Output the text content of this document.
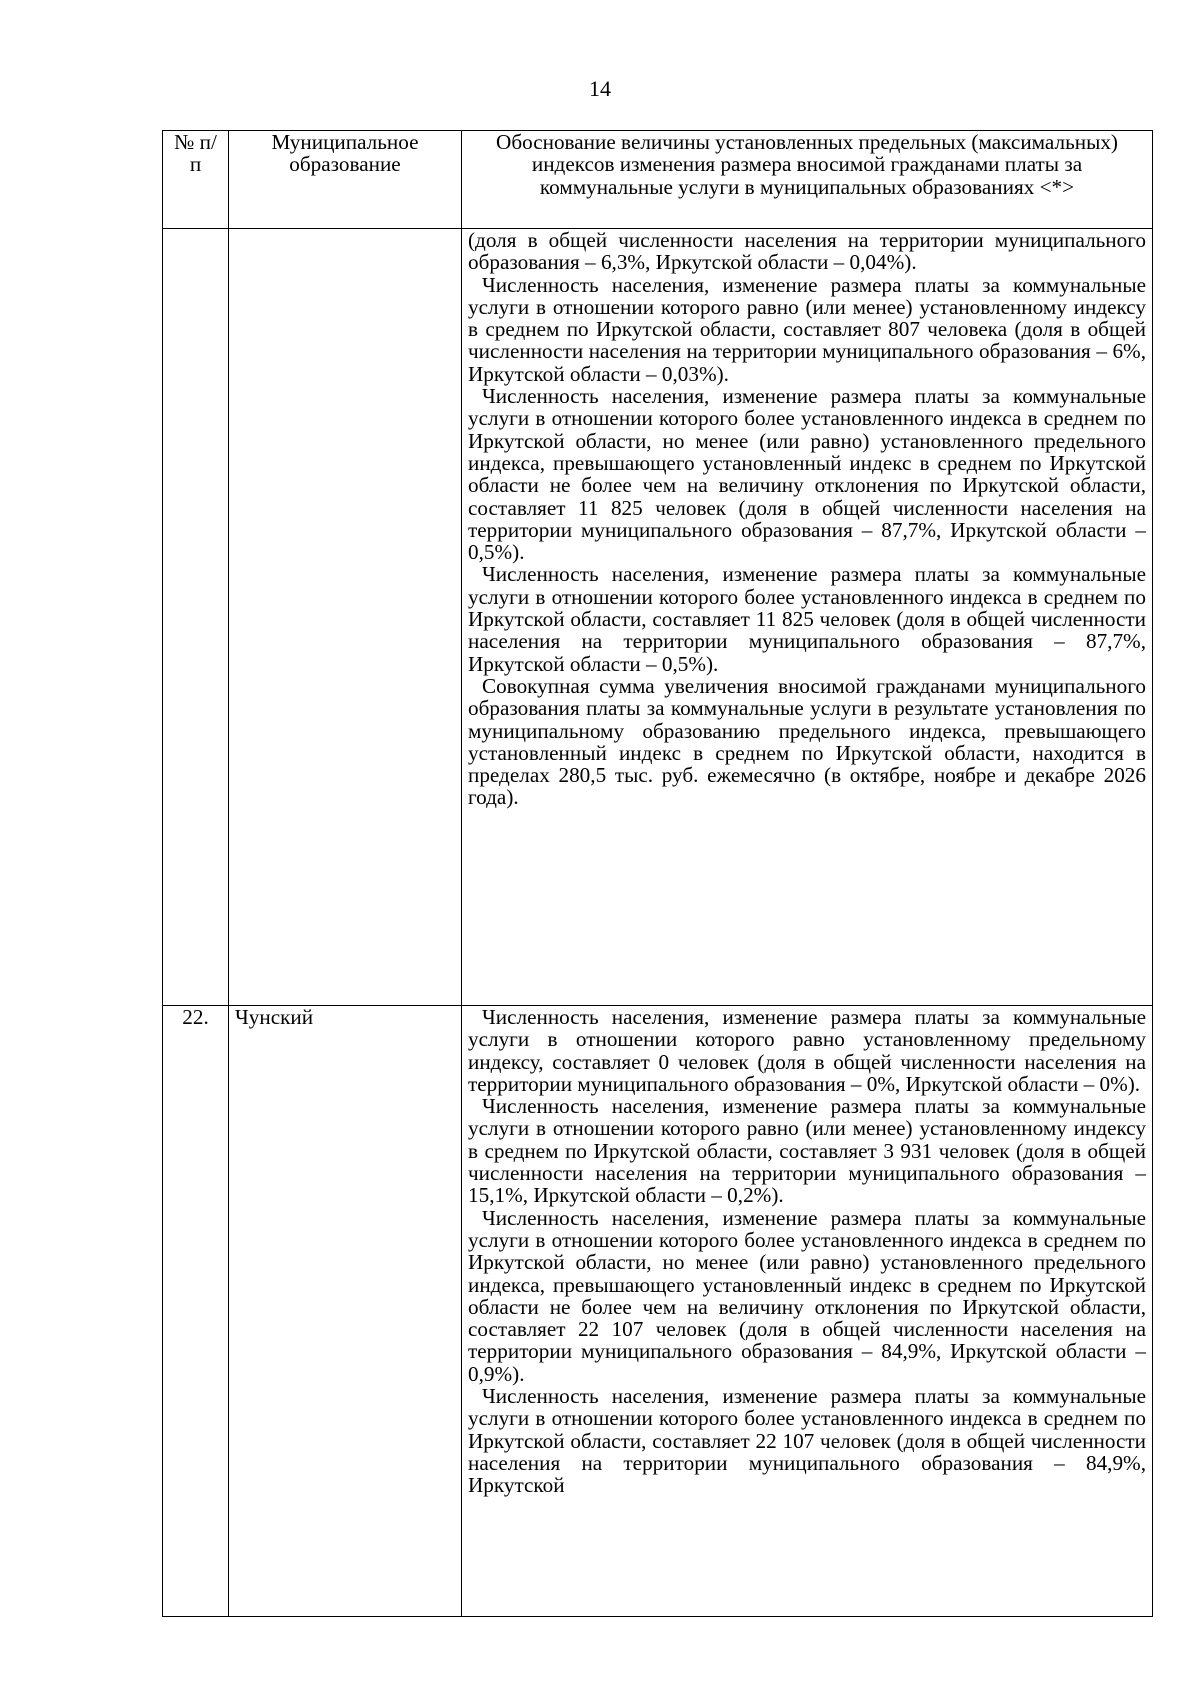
14
№ п/п	Муниципальное образование	Обоснование величины установленных предельных (максимальных) индексов изменения размера вносимой гражданами платы за коммунальные услуги в муниципальных образованиях <*>

		(доля в общей численности населения на территории муниципального образования – 6,3%, Иркутской области – 0,04%).
Численность населения, изменение размера платы за коммунальные услуги в отношении которого равно (или менее) установленному индексу в среднем по Иркутской области, составляет 807 человека (доля в общей численности населения на территории муниципального образования – 6%, Иркутской области – 0,03%).
Численность населения, изменение размера платы за коммунальные услуги в отношении которого более установленного индекса в среднем по Иркутской области, но менее (или равно) установленного предельного индекса, превышающего установленный индекс в среднем по Иркутской области не более чем на величину отклонения по Иркутской области, составляет 11 825 человек (доля в общей численности населения на территории муниципального образования – 87,7%, Иркутской области – 0,5%).
Численность населения, изменение размера платы за коммунальные услуги в отношении которого более установленного индекса в среднем по Иркутской области, составляет 11 825 человек (доля в общей численности населения на территории муниципального образования – 87,7%, Иркутской области – 0,5%).
Совокупная сумма увеличения вносимой гражданами муниципального образования платы за коммунальные услуги в результате установления по муниципальному образованию предельного индекса, превышающего установленный индекс в среднем по Иркутской области, находится в пределах 280,5 тыс. руб. ежемесячно (в октябре, ноябре и декабре 2026 года).

22.	Чунский	Численность населения, изменение размера платы за коммунальные услуги в отношении которого равно установленному предельному индексу, составляет 0 человек (доля в общей численности населения на территории муниципального образования – 0%, Иркутской области – 0%).
Численность населения, изменение размера платы за коммунальные услуги в отношении которого равно (или менее) установленному индексу в среднем по Иркутской области, составляет 3 931 человек (доля в общей численности населения на территории муниципального образования – 15,1%, Иркутской области – 0,2%).
Численность населения, изменение размера платы за коммунальные услуги в отношении которого более установленного индекса в среднем по Иркутской области, но менее (или равно) установленного предельного индекса, превышающего установленный индекс в среднем по Иркутской области не более чем на величину отклонения по Иркутской области, составляет 22 107 человек (доля в общей численности населения на территории муниципального образования – 84,9%, Иркутской области – 0,9%).
Численность населения, изменение размера платы за коммунальные услуги в отношении которого более установленного индекса в среднем по Иркутской области, составляет 22 107 человек (доля в общей численности населения на территории муниципального образования – 84,9%, Иркутской
